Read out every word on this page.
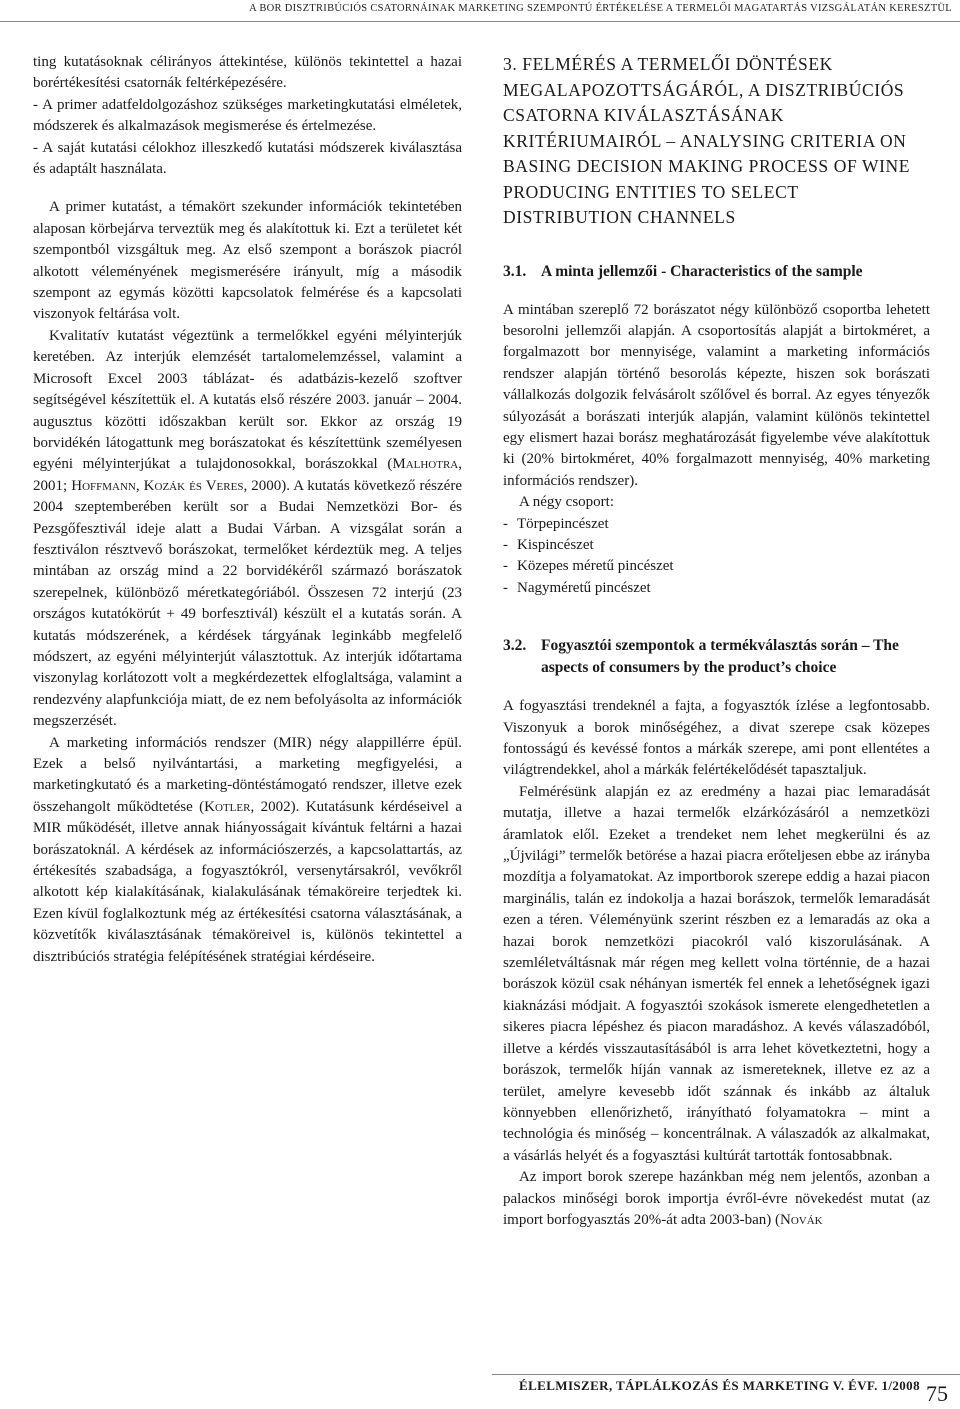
A BOR DISZTRIBÚCIÓS CSATORNÁINAK MARKETING SZEMPONTÚ ÉRTÉKELÉSE A TERMELŐI MAGATARTÁS VIZSGÁLATÁN KERESZTÜL

ting kutatásoknak célirányos áttekintése, különös tekintettel a hazai borértékesítési csatornák feltérképezésére.

- A primer adatfeldolgozáshoz szükséges marketingkutatási elméletek, módszerek és alkalmazások megismerése és értelmezése.

- A saját kutatási célokhoz illeszkedő kutatási módszerek kiválasztása és adaptált használata.

A primer kutatást, a témakört szekunder információk tekintetében alaposan körbejárva terveztük meg és alakítottuk ki. Ezt a területet két szempontból vizsgáltuk meg. Az első szempont a borászok piacról alkotott véleményének megismerésére irányult, míg a második szempont az egymás közötti kapcsolatok felmérése és a kapcsolati viszonyok feltárása volt.

Kvalitatív kutatást végeztünk a termelőkkel egyéni mélyinterjúk keretében. Az interjúk elemzését tartalomelemzéssel, valamint a Microsoft Excel 2003 táblázat- és adatbázis-kezelő szoftver segítségével készítettük el. A kutatás első részére 2003. január – 2004. augusztus közötti időszakban került sor. Ekkor az ország 19 borvidékén látogattunk meg borászatokat és készítettünk személyesen egyéni mélyinterjúkat a tulajdonosokkal, borászokkal (Malhotra, 2001; Hoffmann, Kozák és Veres, 2000). A kutatás következő részére 2004 szeptemberében került sor a Budai Nemzetközi Bor- és Pezsgőfesztivál ideje alatt a Budai Várban. A vizsgálat során a fesztiválon résztvevő borászokat, termelőket kérdeztük meg. A teljes mintában az ország mind a 22 borvidékéről származó borászatok szerepelnek, különböző méretkategóriából. Összesen 72 interjú (23 országos kutatókörút + 49 borfesztivál) készült el a kutatás során. A kutatás módszerének, a kérdések tárgyának leginkább megfelelő módszert, az egyéni mélyinterjút választottuk. Az interjúk időtartama viszonylag korlátozott volt a megkérdezettek elfoglaltsága, valamint a rendezvény alapfunkciója miatt, de ez nem befolyásolta az információk megszerzését.

A marketing információs rendszer (MIR) négy alappillérre épül. Ezek a belső nyilvántartási, a marketing megfigyelési, a marketingkutató és a marketing-döntéstámogató rendszer, illetve ezek összehangolt működtetése (Kotler, 2002). Kutatásunk kérdéseivel a MIR működését, illetve annak hiányosságait kívántuk feltárni a hazai borászatoknál. A kérdések az információszerzés, a kapcsolattartás, az értékesítés szabadsága, a fogyasztókról, versenytársakról, vevőkről alkotott kép kialakításának, kialakulásának témaköreire terjedtek ki. Ezen kívül foglalkoztunk még az értékesítési csatorna választásának, a közvetítők kiválasztásának témaköreivel is, különös tekintettel a disztribúciós stratégia felépítésének stratégiai kérdéseire.

3. FELMÉRÉS A TERMELŐI DÖNTÉSEK MEGALAPOZOTTSÁGÁRÓL, A DISZTRIBÚCIÓS CSATORNA KIVÁLASZTÁSÁNAK KRITÉRIUMAIRÓL – ANALYSING CRITERIA ON BASING DECISION MAKING PROCESS OF WINE PRODUCING ENTITIES TO SELECT DISTRIBUTION CHANNELS
3.1. A minta jellemzői - Characteristics of the sample

A mintában szereplő 72 borászatot négy különböző csoportba lehetett besorolni jellemzői alapján. A csoportosítás alapját a birtokméret, a forgalmazott bor mennyisége, valamint a marketing információs rendszer alapján történő besorolás képezte, hiszen sok borászati vállalkozás dolgozik felvásárolt szőlővel és borral. Az egyes tényezők súlyozását a borászati interjúk alapján, valamint különös tekintettel egy elismert hazai borász meghatározását figyelembe véve alakítottuk ki (20% birtokméret, 40% forgalmazott mennyiség, 40% marketing információs rendszer).

A négy csoport:

- Törpepincészet
- Kispincészet
- Közepes méretű pincészet
- Nagyméretű pincészet
3.2. Fogyasztói szempontok a termékválasztás során – The aspects of consumers by the product’s choice

A fogyasztási trendeknél a fajta, a fogyasztók ízlése a legfontosabb. Viszonyuk a borok minőségéhez, a divat szerepe csak közepes fontosságú és kevéssé fontos a márkák szerepe, ami pont ellentétes a világtrendekkel, ahol a márkák felértékelődését tapasztaljuk.

Felmérésünk alapján ez az eredmény a hazai piac lemaradását mutatja, illetve a hazai termelők elzárkózásáról a nemzetközi áramlatok elől. Ezeket a trendeket nem lehet megkerülni és az „Újvilági” termelők betörése a hazai piacra erőteljesen ebbe az irányba mozdítja a folyamatokat. Az importborok szerepe eddig a hazai piacon marginális, talán ez indokolja a hazai borászok, termelők lemaradását ezen a téren. Véleményünk szerint részben ez a lemaradás az oka a hazai borok nemzetközi piacokról való kiszorulásának. A szemléletváltásnak már régen meg kellett volna történnie, de a hazai borászok közül csak néhányan ismerték fel ennek a lehetőségnek igazi kiaknázási módjait. A fogyasztói szokások ismerete elengedhetetlen a sikeres piacra lépéshez és piacon maradáshoz. A kevés válaszadóból, illetve a kérdés visszautasításából is arra lehet következtetni, hogy a borászok, termelők híján vannak az ismereteknek, illetve ez az a terület, amelyre kevesebb időt szánnak és inkább az általuk könnyebben ellenőrizhető, irányítható folyamatokra – mint a technológia és minőség – koncentrálnak. A válaszadók az alkalmakat, a vásárlás helyét és a fogyasztási kultúrát tartották fontosabbnak.

Az import borok szerepe hazánkban még nem jelentős, azonban a palackos minőségi borok importja évről-évre növekedést mutat (az import borfogyasztás 20%-át adta 2003-ban) (Novák

ÉLELMISZER, TÁPLÁLKOZÁS ÉS MARKETING V. ÉVF. 1/2008 75
